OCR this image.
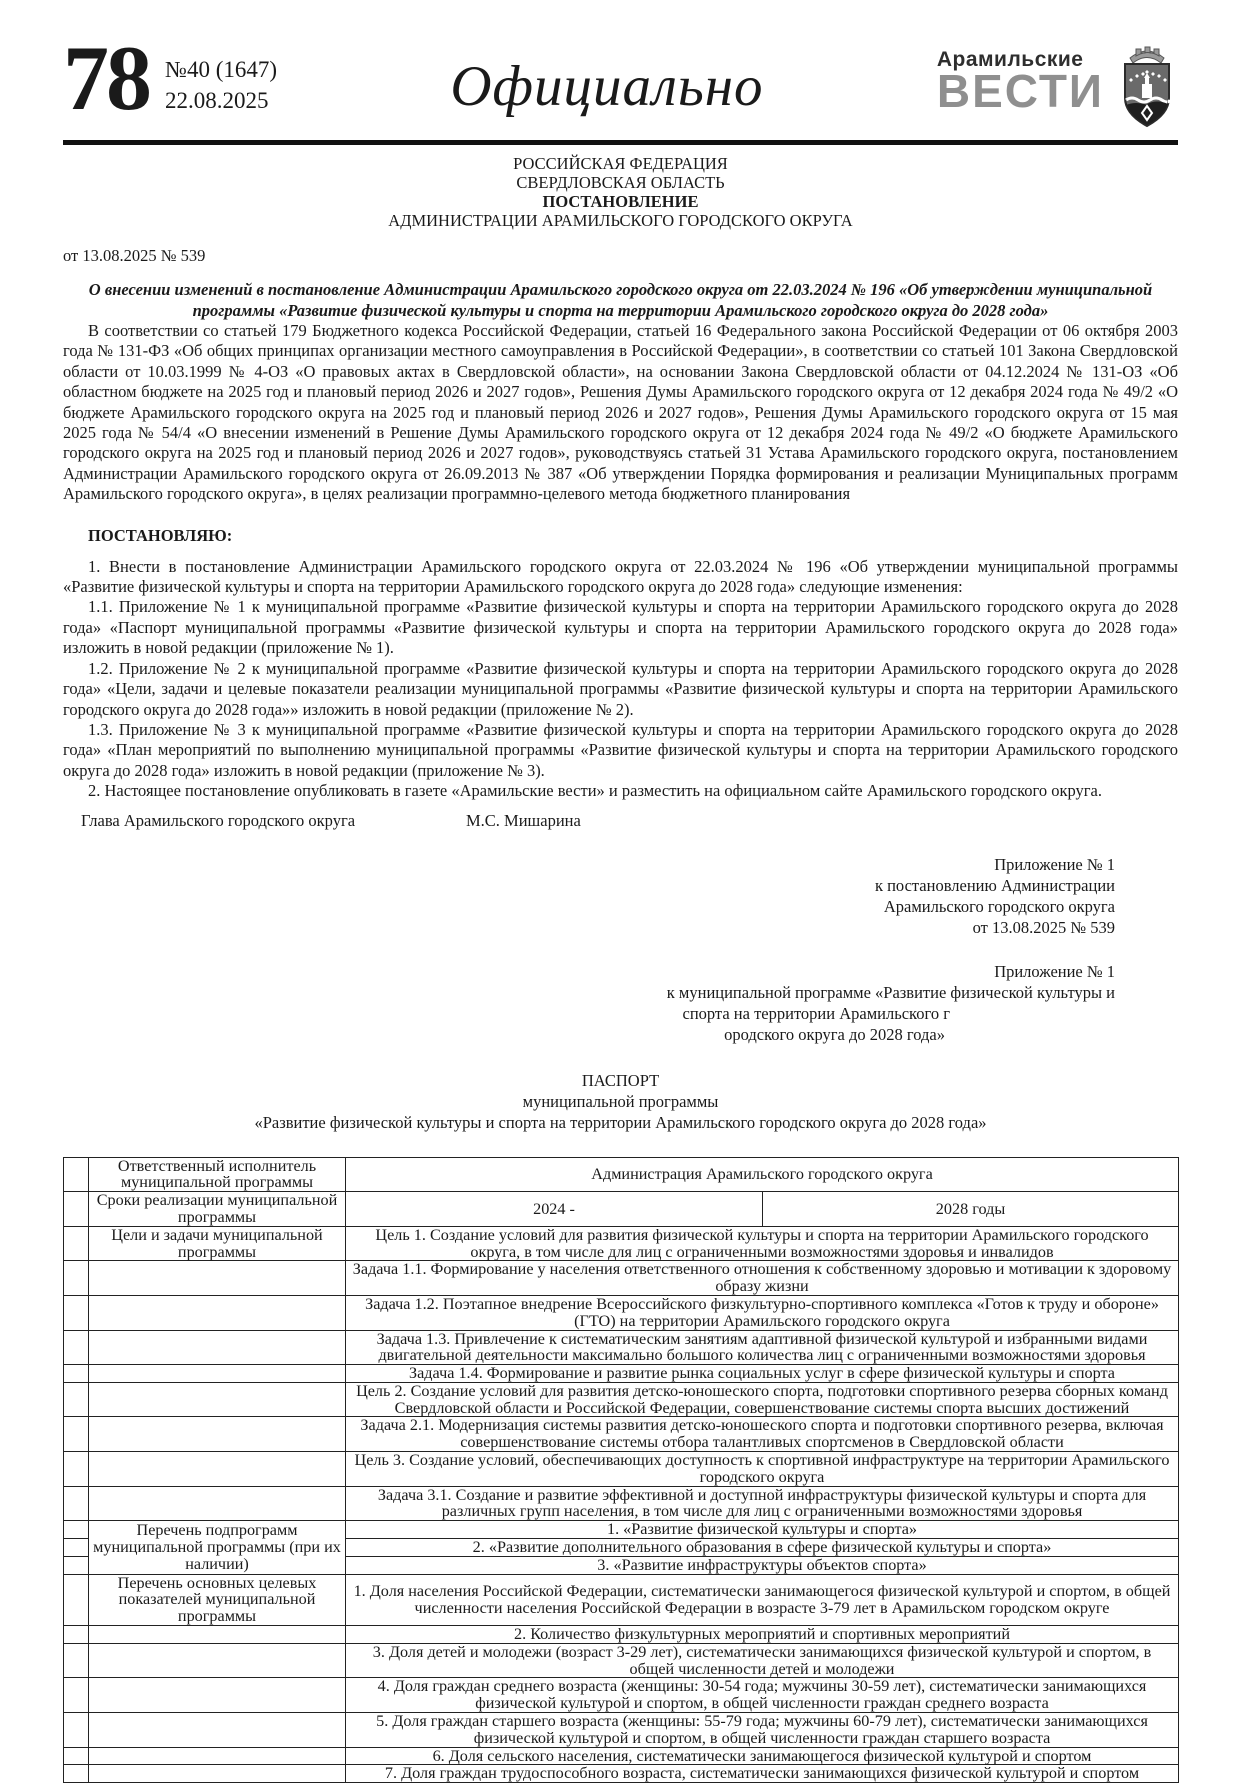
78 №40 (1647)
22.08.2025	Официально	Арамильские
ВЕСТИ
РОССИЙСКАЯ ФЕДЕРАЦИЯ
СВЕРДЛОВСКАЯ ОБЛАСТЬ
ПОСТАНОВЛЕНИЕ
АДМИНИСТРАЦИИ АРАМИЛЬСКОГО ГОРОДСКОГО ОКРУГА
от 13.08.2025 № 539
О внесении изменений в постановление Администрации Арамильского городского округа от 22.03.2024 № 196 «Об утверждении муниципальной программы «Развитие физической культуры и спорта на территории Арамильского городского округа до 2028 года»

В соответствии со статьей 179 Бюджетного кодекса Российской Федерации, статьей 16 Федерального закона Российской Федерации от 06 октября 2003 года № 131-ФЗ «Об общих принципах организации местного самоуправления в Российской Федерации», в соответствии со статьей 101 Закона Свердловской области от 10.03.1999 № 4-ОЗ «О правовых актах в Свердловской области», на основании Закона Свердловской области от 04.12.2024 № 131-ОЗ «Об областном бюджете на 2025 год и плановый период 2026 и 2027 годов», Решения Думы Арамильского городского округа от 12 декабря 2024 года № 49/2 «О бюджете Арамильского городского округа на 2025 год и плановый период 2026 и 2027 годов», Решения Думы Арамильского городского округа от 15 мая 2025 года № 54/4 «О внесении изменений в Решение Думы Арамильского городского округа от 12 декабря 2024 года № 49/2 «О бюджете Арамильского городского округа на 2025 год и плановый период 2026 и 2027 годов», руководствуясь статьей 31 Устава Арамильского городского округа, постановлением Администрации Арамильского городского округа от 26.09.2013 № 387 «Об утверждении Порядка формирования и реализации Муниципальных программ Арамильского городского округа», в целях реализации программно-целевого метода бюджетного планирования

ПОСТАНОВЛЯЮ:

1. Внести в постановление Администрации Арамильского городского округа от 22.03.2024 № 196 «Об утверждении муниципальной программы «Развитие физической культуры и спорта на территории Арамильского городского округа до 2028 года» следующие изменения:

1.1. Приложение № 1 к муниципальной программе «Развитие физической культуры и спорта на территории Арамильского городского округа до 2028 года» «Паспорт муниципальной программы «Развитие физической культуры и спорта на территории Арамильского городского округа до 2028 года» изложить в новой редакции (приложение № 1).

1.2. Приложение № 2 к муниципальной программе «Развитие физической культуры и спорта на территории Арамильского городского округа до 2028 года» «Цели, задачи и целевые показатели реализации муниципальной программы «Развитие физической культуры и спорта на территории Арамильского городского округа до 2028 года»» изложить в новой редакции (приложение № 2).

1.3. Приложение № 3 к муниципальной программе «Развитие физической культуры и спорта на территории Арамильского городского округа до 2028 года» «План мероприятий по выполнению муниципальной программы «Развитие физической культуры и спорта на территории Арамильского городского округа до 2028 года» изложить в новой редакции (приложение № 3).

2. Настоящее постановление опубликовать в газете «Арамильские вести» и разместить на официальном сайте Арамильского городского округа.

Глава Арамильского городского округа	М.С. Мишарина
Приложение № 1
к постановлению Администрации
Арамильского городского округа
от 13.08.2025 № 539
Приложение № 1
к муниципальной программе «Развитие физической культуры и
спорта на территории Арамильского г
ородского округа до 2028 года»
ПАСПОРТ
муниципальной программы
«Развитие физической культуры и спорта на территории Арамильского городского округа до 2028 года»
	Ответственный исполнитель муниципальной программы	Администрация Арамильского городского округа	
	Сроки реализации муниципальной программы	2024 -	2028 годы
	Цели и задачи муниципальной программы	Цель 1. Создание условий для развития физической культуры и спорта на территории Арамильского городского округа, в том числе для лиц с ограниченными возможностями здоровья и инвалидов	
		Задача 1.1. Формирование у населения ответственного отношения к собственному здоровью и мотивации к здоровому образу жизни	
		Задача 1.2. Поэтапное внедрение Всероссийского физкультурно-спортивного комплекса «Готов к труду и обороне» (ГТО) на территории Арамильского городского округа	
		Задача 1.3. Привлечение к систематическим занятиям адаптивной физической культурой и избранными видами двигательной деятельности максимально большого количества лиц с ограниченными возможностями здоровья	
		Задача 1.4. Формирование и развитие рынка социальных услуг в сфере физической культуры и спорта	
		Цель 2. Создание условий для развития детско-юношеского спорта, подготовки спортивного резерва сборных команд Свердловской области и Российской Федерации, совершенствование системы спорта высших достижений	
		Задача 2.1. Модернизация системы развития детско-юношеского спорта и подготовки спортивного резерва, включая совершенствование системы отбора талантливых спортсменов в Свердловской области	
		Цель 3. Создание условий, обеспечивающих доступность к спортивной инфраструктуре на территории Арамильского городского округа	
		Задача 3.1. Создание и развитие эффективной и доступной инфраструктуры физической культуры и спорта для различных групп населения, в том числе для лиц с ограниченными возможностями здоровья	
	Перечень подпрограмм муниципальной программы (при их наличии)	1. «Развитие физической культуры и спорта»	
		2. «Развитие дополнительного образования в сфере физической культуры и спорта»	
		3. «Развитие инфраструктуры объектов спорта»	
	Перечень основных целевых показателей муниципальной программы	1. Доля населения Российской Федерации, систематически занимающегося физической культурой и спортом, в общей численности населения Российской Федерации в возрасте 3-79 лет в Арамильском городском округе	
		2. Количество физкультурных мероприятий и спортивных мероприятий	
		3. Доля детей и молодежи (возраст 3-29 лет), систематически занимающихся физической культурой и спортом, в общей численности детей и молодежи	
		4. Доля граждан среднего возраста (женщины: 30-54 года; мужчины 30-59 лет), систематически занимающихся физической культурой и спортом, в общей численности граждан среднего возраста	
		5. Доля граждан старшего возраста (женщины: 55-79 года; мужчины 60-79 лет), систематически занимающихся физической культурой и спортом, в общей численности граждан старшего возраста	
		6. Доля сельского населения, систематически занимающегося физической культурой и спортом	
		7. Доля граждан трудоспособного возраста, систематически занимающихся физической культурой и спортом	
